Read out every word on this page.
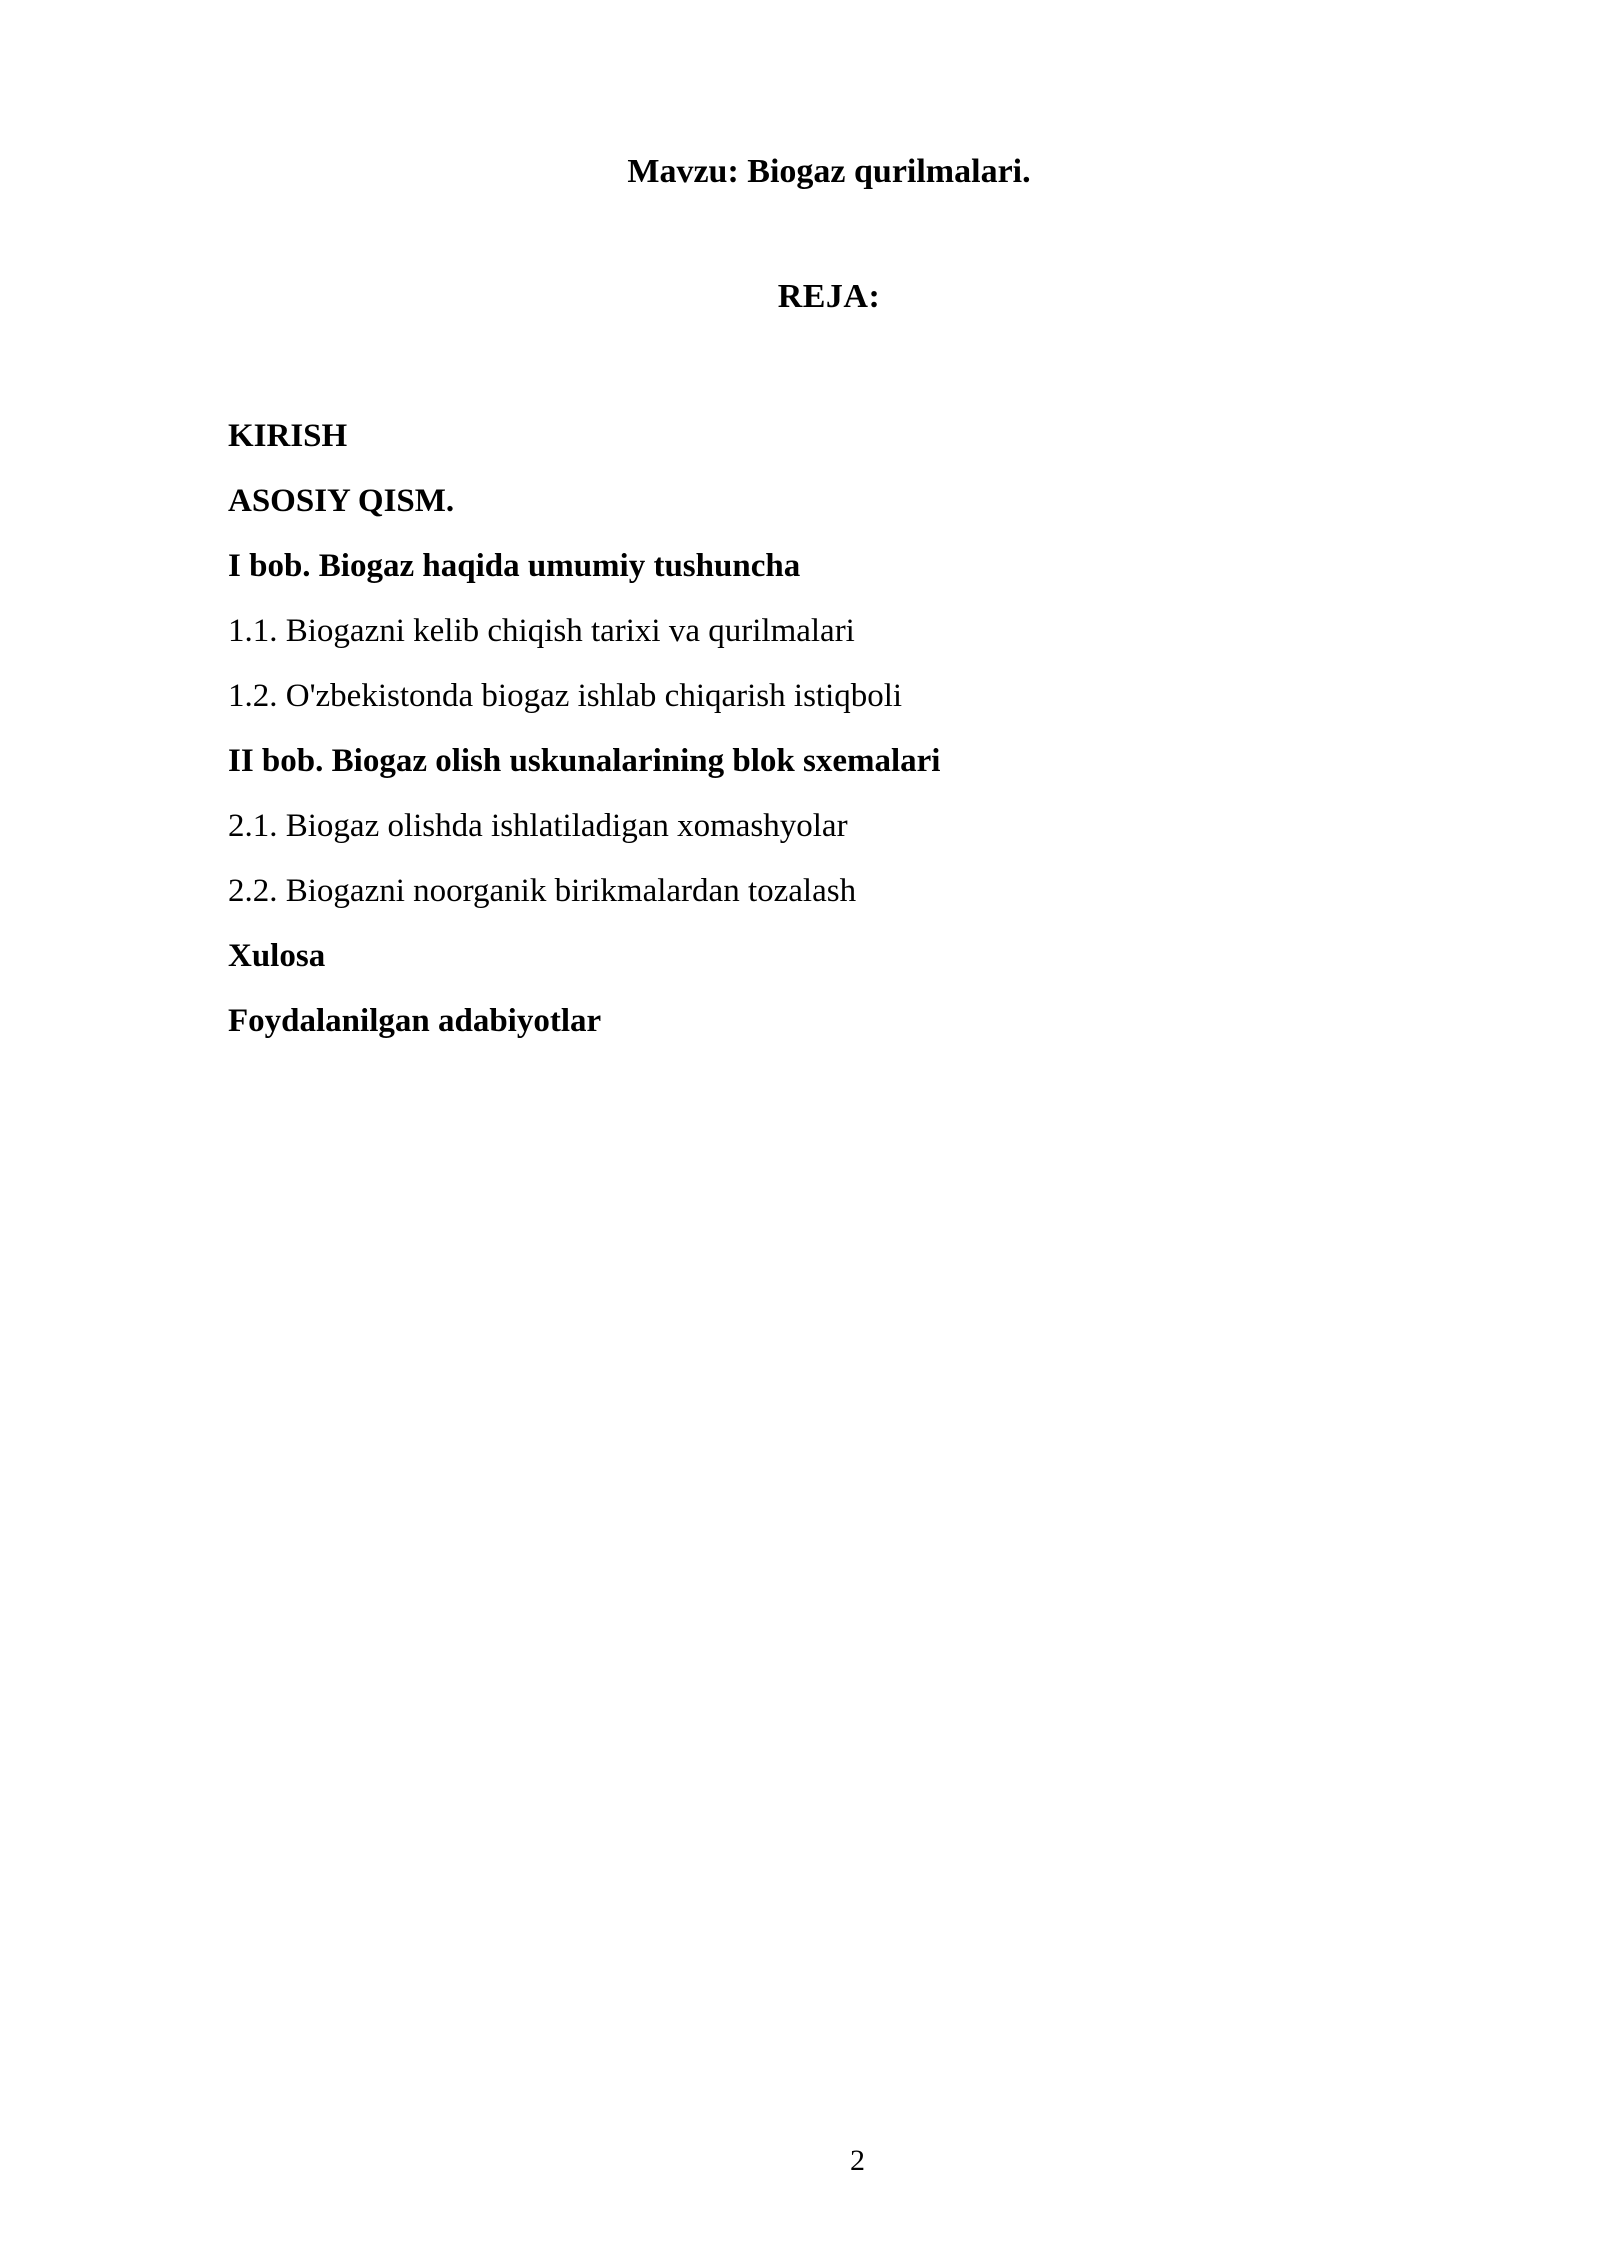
Mavzu: Biogaz qurilmalari.
REJA:
KIRISH
ASOSIY QISM.
I bob. Biogaz haqida umumiy tushuncha
1.1. Biogazni kelib chiqish tarixi va qurilmalari
1.2. O'zbekistonda biogaz ishlab chiqarish istiqboli
II bob. Biogaz olish uskunalarining blok sxemalari
2.1. Biogaz olishda ishlatiladigan xomashyolar
2.2. Biogazni noorganik birikmalardan tozalash
Xulosa
Foydalanilgan adabiyotlar
2
